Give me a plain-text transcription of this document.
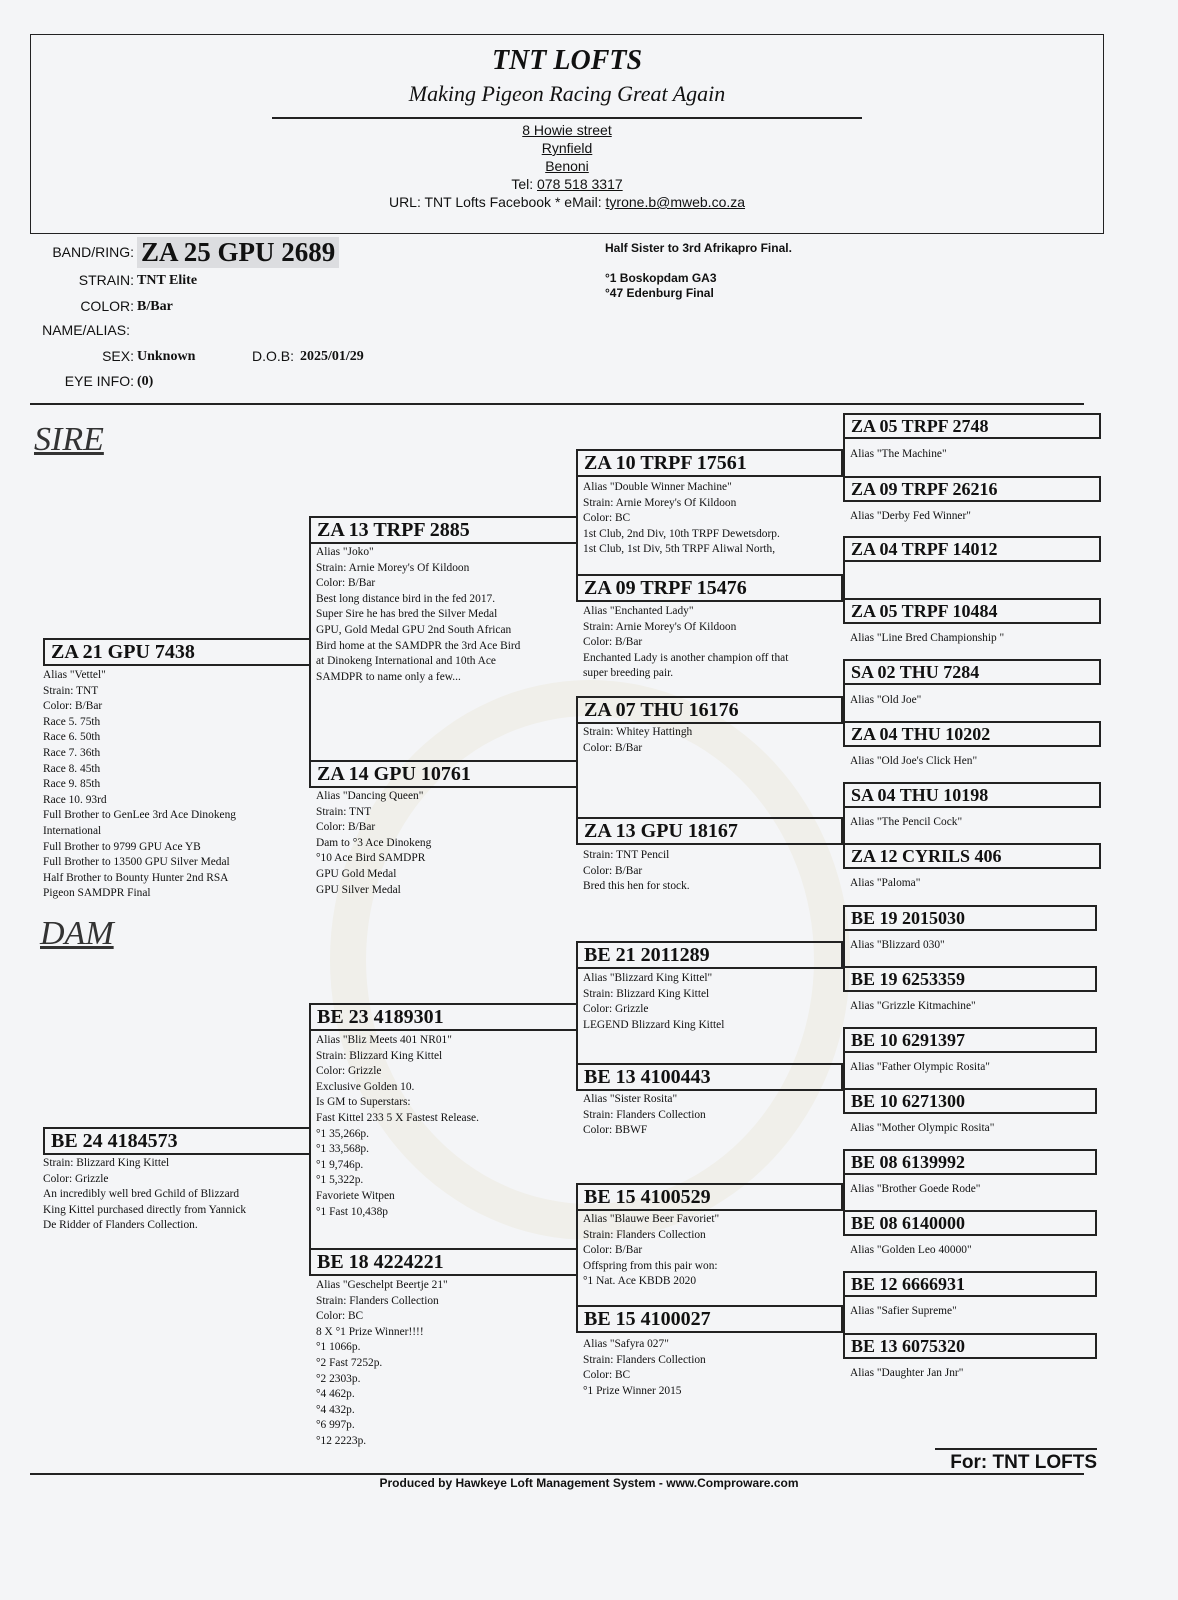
TNT LOFTS
Making Pigeon Racing Great Again
8 Howie street
Rynfield
Benoni
Tel: 078 518 3317
URL: TNT Lofts Facebook * eMail: tyrone.b@mweb.co.za
BAND/RING: ZA 25 GPU 2689
STRAIN: TNT Elite
COLOR: B/Bar
NAME/ALIAS:
SEX: Unknown	D.O.B: 2025/01/29
EYE INFO: (0)
Half Sister to 3rd Afrikapro Final.

°1 Boskopdam GA3
°47 Edenburg Final
SIRE
DAM
ZA 21 GPU 7438
Alias "Vettel"
Strain: TNT
Color: B/Bar
Race 5. 75th
Race 6. 50th
Race 7. 36th
Race 8. 45th
Race 9. 85th
Race 10. 93rd
Full Brother to GenLee 3rd Ace Dinokeng
International
Full Brother to 9799 GPU Ace YB
Full Brother to 13500 GPU Silver Medal
Half Brother to Bounty Hunter 2nd RSA
Pigeon SAMDPR Final
BE 24 4184573
Strain: Blizzard King Kittel
Color: Grizzle
An incredibly well bred Gchild of Blizzard
King Kittel purchased directly from Yannick
De Ridder of Flanders Collection.
ZA 13 TRPF 2885
Alias "Joko"
Strain: Arnie Morey's Of Kildoon
Color: B/Bar
Best long distance bird in the fed 2017.
Super Sire he has bred the Silver Medal
GPU, Gold Medal GPU 2nd South African
Bird home at the SAMDPR the 3rd Ace Bird
at Dinokeng International and 10th Ace
SAMDPR to name only a few...
ZA 14 GPU 10761
Alias "Dancing Queen"
Strain: TNT
Color: B/Bar
Dam to °3 Ace Dinokeng
°10 Ace Bird SAMDPR
GPU Gold Medal
GPU Silver Medal
BE 23 4189301
Alias "Bliz Meets 401 NR01"
Strain: Blizzard King Kittel
Color: Grizzle
Exclusive Golden 10.
Is GM to Superstars:
Fast Kittel 233 5 X Fastest Release.
°1 35,266p.
°1 33,568p.
°1 9,746p.
°1 5,322p.
Favoriete Witpen
°1 Fast 10,438p
BE 18 4224221
Alias "Geschelpt Beertje 21"
Strain: Flanders Collection
Color: BC
8 X °1 Prize Winner!!!!
°1 1066p.
°2 Fast 7252p.
°2 2303p.
°4 462p.
°4 432p.
°6 997p.
°12 2223p.
ZA 10 TRPF 17561
Alias "Double Winner Machine"
Strain: Arnie Morey's Of Kildoon
Color: BC
1st Club, 2nd Div, 10th TRPF Dewetsdorp.
1st Club, 1st Div, 5th TRPF Aliwal North,
ZA 09 TRPF 15476
Alias "Enchanted Lady"
Strain: Arnie Morey's Of Kildoon
Color: B/Bar
Enchanted Lady is another champion off that
super breeding pair.
ZA 07 THU 16176
Strain: Whitey Hattingh
Color: B/Bar
ZA 13 GPU 18167
Strain: TNT Pencil
Color: B/Bar
Bred this hen for stock.
BE 21 2011289
Alias "Blizzard King Kittel"
Strain: Blizzard King Kittel
Color: Grizzle
LEGEND Blizzard King Kittel
BE 13 4100443
Alias "Sister Rosita"
Strain: Flanders Collection
Color: BBWF
BE 15 4100529
Alias "Blauwe Beer Favoriet"
Strain: Flanders Collection
Color: B/Bar
Offspring from this pair won:
°1 Nat. Ace KBDB 2020
BE 15 4100027
Alias "Safyra 027"
Strain: Flanders Collection
Color: BC
°1 Prize Winner 2015
ZA 05 TRPF 2748
Alias "The Machine"
ZA 09 TRPF 26216
Alias "Derby Fed Winner"
ZA 04 TRPF 14012
ZA 05 TRPF 10484
Alias "Line Bred Championship "
SA 02 THU 7284
Alias "Old Joe"
ZA 04 THU 10202
Alias "Old Joe's Click Hen"
SA 04 THU 10198
Alias "The Pencil Cock"
ZA 12 CYRILS 406
Alias "Paloma"
BE 19 2015030
Alias "Blizzard 030"
BE 19 6253359
Alias "Grizzle Kitmachine"
BE 10 6291397
Alias "Father Olympic Rosita"
BE 10 6271300
Alias "Mother Olympic Rosita"
BE 08 6139992
Alias "Brother Goede Rode"
BE 08 6140000
Alias "Golden Leo 40000"
BE 12 6666931
Alias "Safier Supreme"
BE 13 6075320
Alias "Daughter Jan Jnr"
For: TNT LOFTS
Produced by Hawkeye Loft Management System - www.Comproware.com
